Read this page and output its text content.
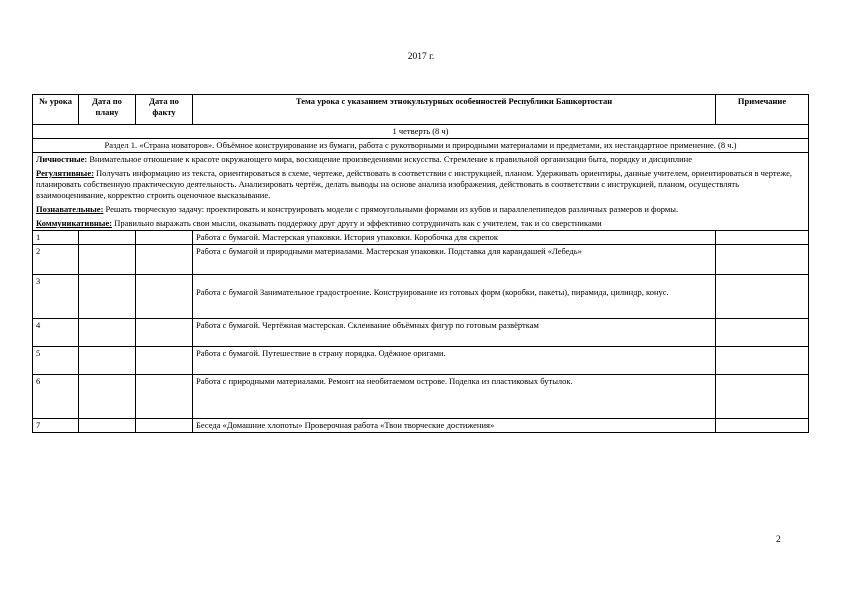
2017 г.
№ урока	Дата по плану	Дата по факту	Тема урока с указанием этнокультурных особенностей Республики Башкортостан	Примечание
1 четверть (8 ч)				
Раздел 1. «Страна новаторов». Объёмное конструирование из бумаги, работа с рукотворными и природными материалами и предметами, их нестандартное применение. (8 ч.)				

Личностные: Внимательное отношение к красоте окружающего мира, восхищение произведениями искусства. Стремление к правильной организации быта, порядку и дисциплине

Регулятивные: Получать информацию из текста, ориентироваться в схеме, чертеже, действовать в соответствии с инструкцией, планом. Удерживать ориентиры, данные учителем, ориентироваться в чертеже, планировать собственную практическую деятельность. Анализировать чертёж, делать выводы на основе анализа изображения, действовать в соответствии с инструкцией, планом, осуществлять взаимооценивание, корректно строить оценочное высказывание.

Познавательные: Решать творческую задачу: проектировать и конструировать модели с прямоугольными формами из кубов и параллелепипедов различных размеров и формы.

Коммуникативные: Правильно выражать свои мысли, оказывать поддержку друг другу и эффективно сотрудничать как с учителем, так и со сверстниками				

1			Работа с бумагой. Мастерская упаковки. История упаковки. Коробочка для скрепок	
2			Работа с бумагой и природными материалами. Мастерская упаковки. Подставка для карандашей «Лебедь»	
3			Работа с бумагой Занимательное градостроение. Конструирование из готовых форм (коробки, пакеты), пирамида, цилиндр, конус.	
4			Работа с бумагой. Чертёжная мастерская. Склеивание объёмных фигур по готовым развёрткам	
5			Работа с бумагой. Путешествие в страну порядка. Одёжное оригами.	
6			Работа с природными материалами. Ремонт на необитаемом острове. Поделка из пластиковых бутылок.	
7			Беседа «Домашние хлопоты» Проверочная работа «Твои творческие достижения»	
2
